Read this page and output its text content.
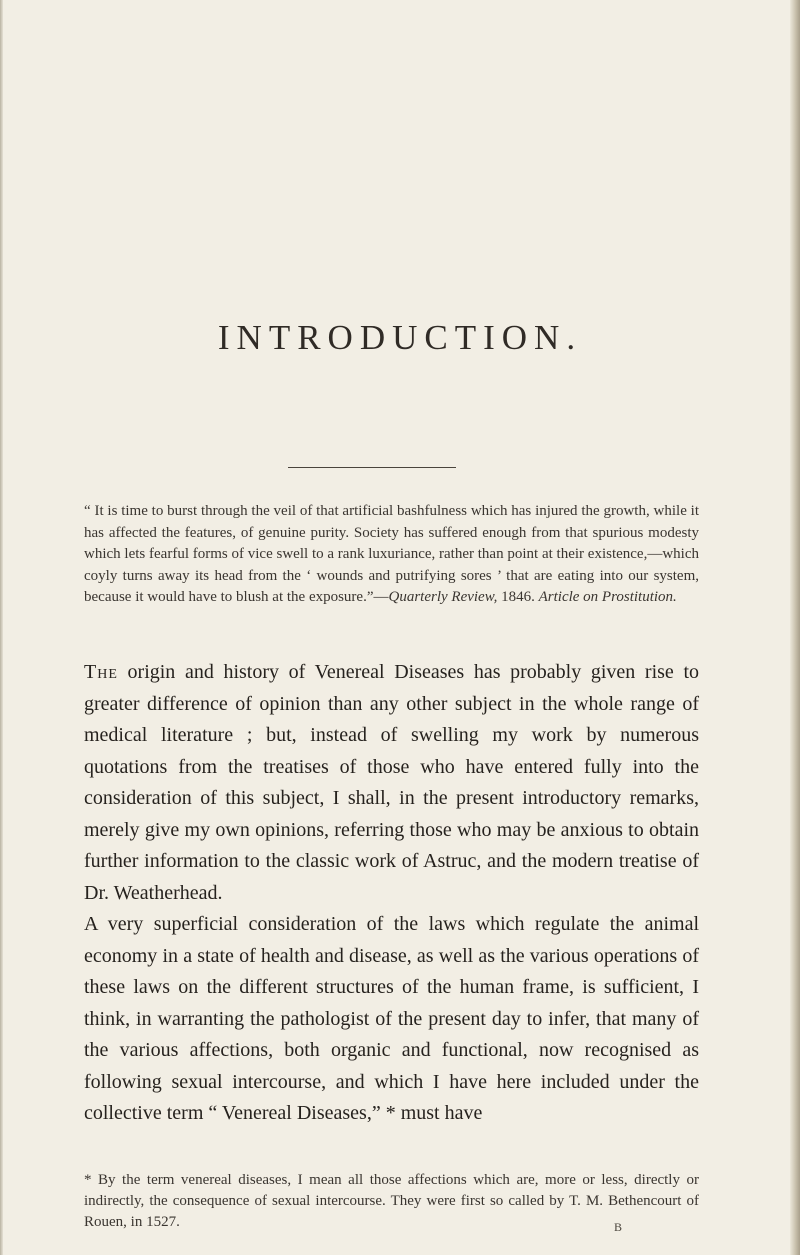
INTRODUCTION.

“ It is time to burst through the veil of that artificial bashfulness which has injured the growth, while it has affected the features, of genuine purity. Society has suffered enough from that spurious modesty which lets fearful forms of vice swell to a rank luxuriance, rather than point at their existence,—which coyly turns away its head from the ‘ wounds and putrifying sores ’ that are eating into our system, because it would have to blush at the exposure.”—Quarterly Review, 1846. Article on Prostitution.

The origin and history of Venereal Diseases has probably given rise to greater difference of opinion than any other subject in the whole range of medical literature ; but, instead of swelling my work by numerous quotations from the treatises of those who have entered fully into the consideration of this subject, I shall, in the present introductory remarks, merely give my own opinions, referring those who may be anxious to obtain further information to the classic work of Astruc, and the modern treatise of Dr. Weatherhead.

A very superficial consideration of the laws which regulate the animal economy in a state of health and disease, as well as the various operations of these laws on the different structures of the human frame, is sufficient, I think, in warranting the pathologist of the present day to infer, that many of the various affections, both organic and functional, now recognised as following sexual intercourse, and which I have here included under the collective term “ Venereal Diseases,” * must have

* By the term venereal diseases, I mean all those affections which are, more or less, directly or indirectly, the consequence of sexual intercourse. They were first so called by T. M. Bethencourt of Rouen, in 1527.	B
